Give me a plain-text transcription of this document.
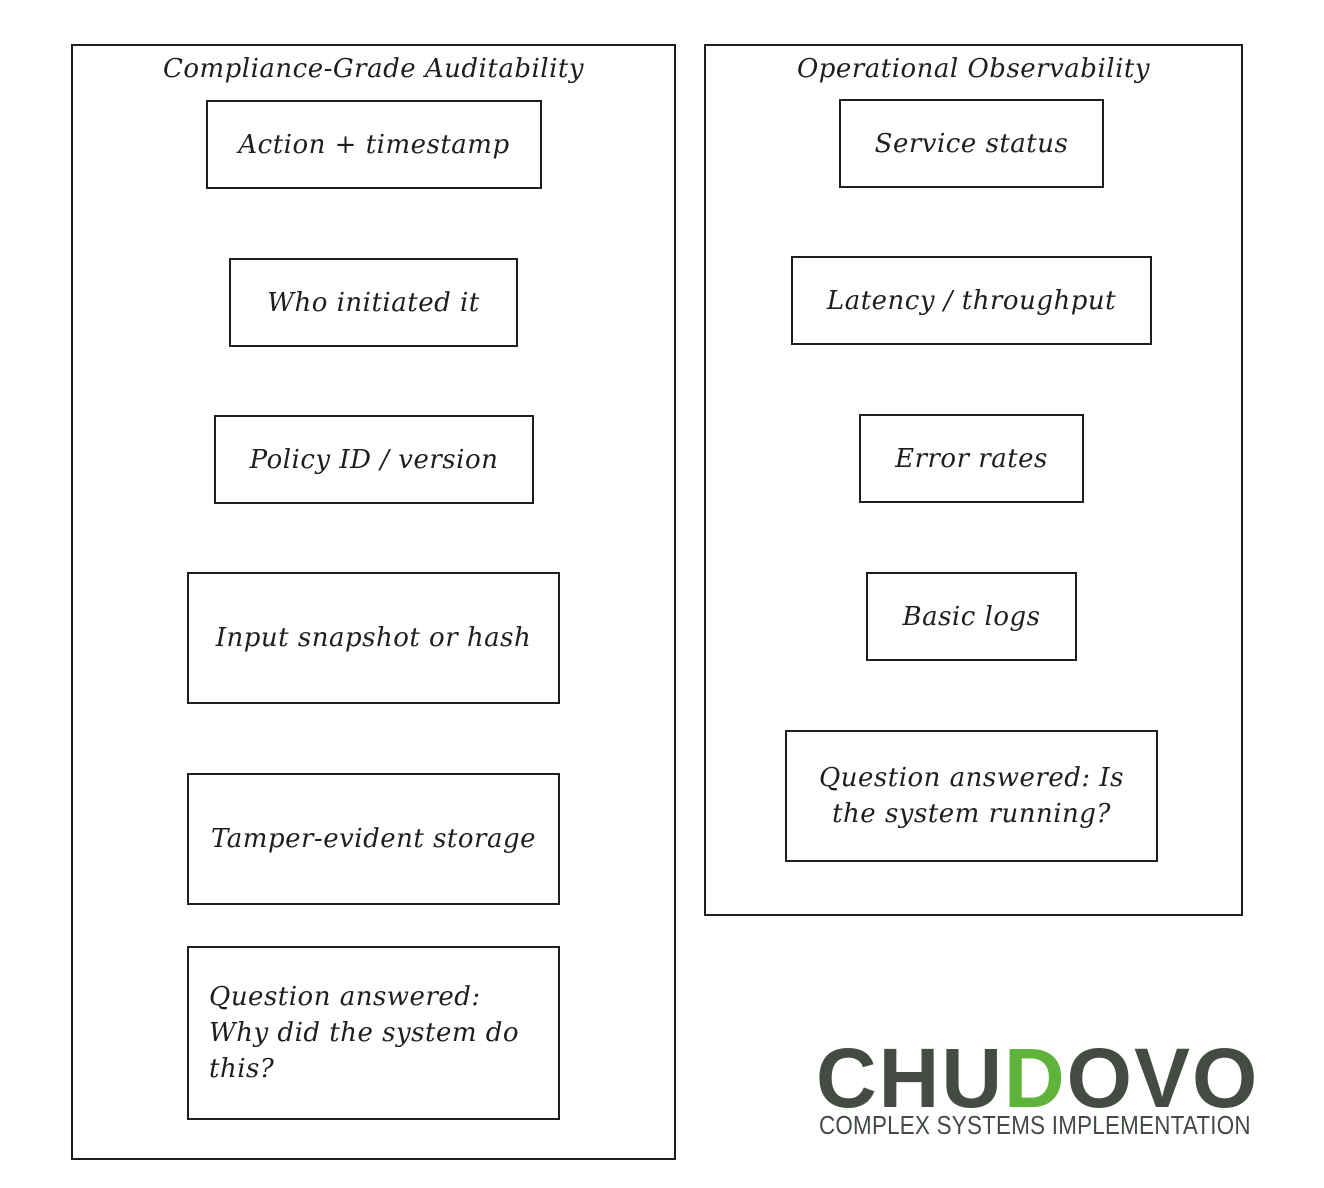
Compliance-Grade Auditability
Action + timestamp
Who initiated it
Policy ID / version
Input snapshot or hash
Tamper-evident storage
Question answered: Why did the system do this?
Operational Observability
Service status
Latency / throughput
Error rates
Basic logs
Question answered: Is the system running?
CHUDOVO
COMPLEX SYSTEMS IMPLEMENTATION
